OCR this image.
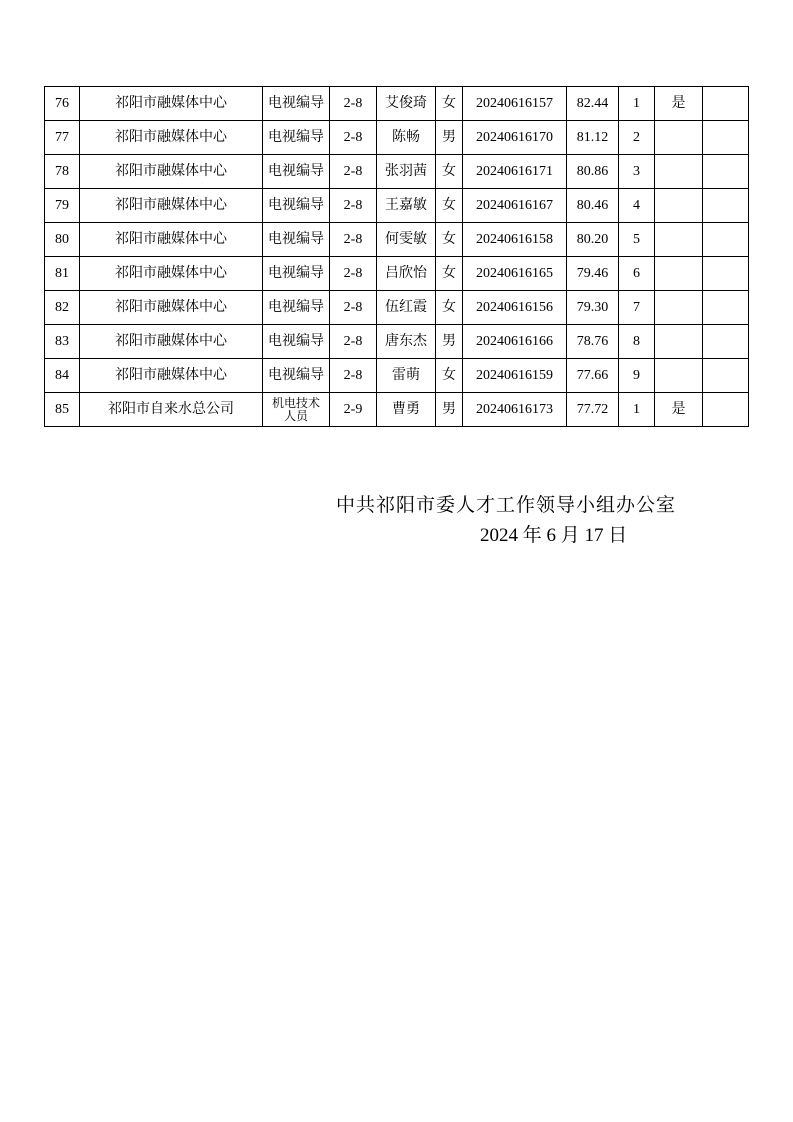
76	祁阳市融媒体中心	电视编导	2-8	艾俊琦	女	20240616157	82.44	1	是	
77	祁阳市融媒体中心	电视编导	2-8	陈畅	男	20240616170	81.12	2		
78	祁阳市融媒体中心	电视编导	2-8	张羽茜	女	20240616171	80.86	3		
79	祁阳市融媒体中心	电视编导	2-8	王嘉敏	女	20240616167	80.46	4		
80	祁阳市融媒体中心	电视编导	2-8	何雯敏	女	20240616158	80.20	5		
81	祁阳市融媒体中心	电视编导	2-8	吕欣怡	女	20240616165	79.46	6		
82	祁阳市融媒体中心	电视编导	2-8	伍红霞	女	20240616156	79.30	7		
83	祁阳市融媒体中心	电视编导	2-8	唐东杰	男	20240616166	78.76	8		
84	祁阳市融媒体中心	电视编导	2-8	雷萌	女	20240616159	77.66	9		
85	祁阳市自来水总公司	机电技术人员	2-9	曹勇	男	20240616173	77.72	1	是	
中共祁阳市委人才工作领导小组办公室
2024 年 6 月 17 日
